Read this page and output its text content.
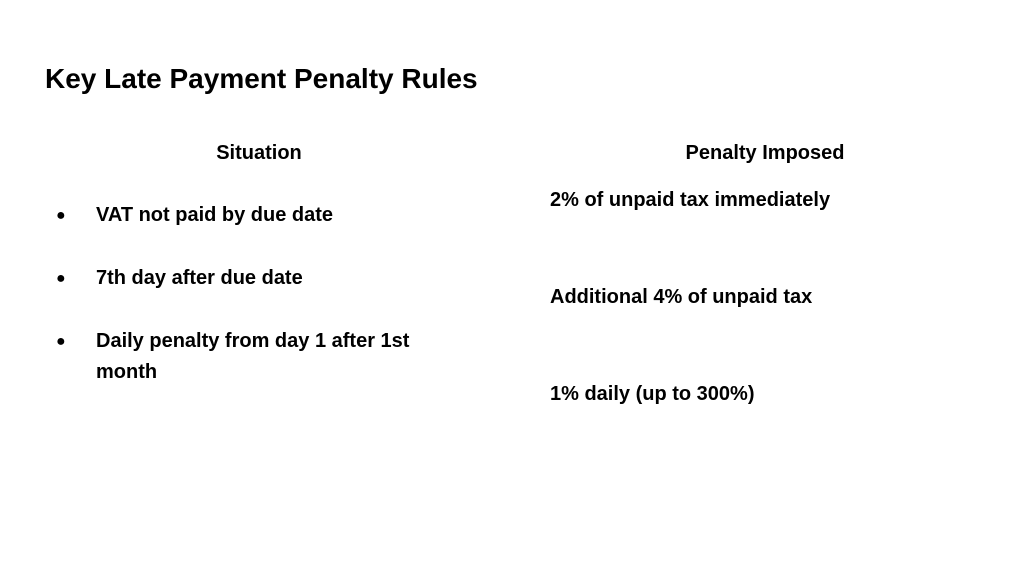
Key Late Payment Penalty Rules
Situation	Penalty Imposed
● VAT not paid by due date
● 7th day after due date
● Daily penalty from day 1 after 1st month
2% of unpaid tax immediately
Additional 4% of unpaid tax
1% daily (up to 300%)
